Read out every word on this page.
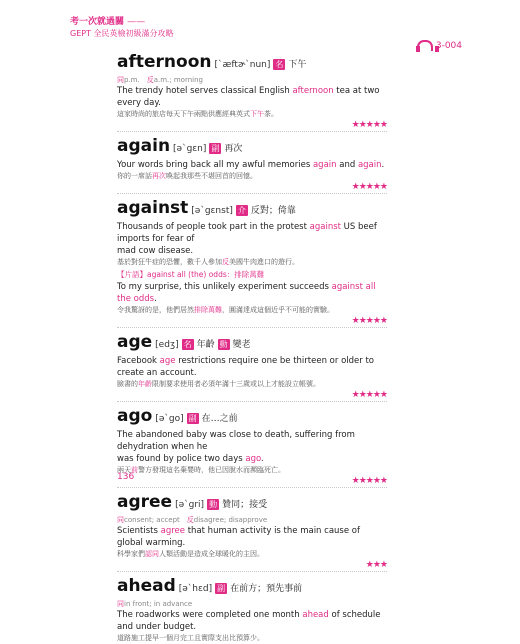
考一次就過關 ——
GEPT 全民英檢初級滿分攻略
3-004
afternoon [ˋæftɚˋnun] 名 下午
同p.m.　 反a.m.; morning
The trendy hotel serves classical English afternoon tea at two every day.
這家時尚的旅店每天下午兩點供應經典英式下午茶。
★★★★★
again [əˋgɛn] 副 再次
Your words bring back all my awful memories again and again.
你的一席話再次喚起我那些不堪回首的回憶。
★★★★★
against [əˋgɛnst] 介 反對；倚靠
Thousands of people took part in the protest against US beef imports for fear of
mad cow disease.
基於對狂牛症的恐懼，數千人參加反美國牛肉進口的遊行。
【片語】against all (the) odds：排除萬難
To my surprise, this unlikely experiment succeeds against all the odds.
令我驚訝的是，他們居然排除萬難，圓滿達成這個近乎不可能的實驗。
★★★★★
age [edʒ] 名 年齡 動 變老
Facebook age restrictions require one be thirteen or older to create an account.
臉書的年齡限制要求使用者必須年滿十三歲或以上才能設立帳號。
★★★★★
ago [əˋgo] 副 在…之前
The abandoned baby was close to death, suffering from dehydration when he
was found by police two days ago.
兩天前警方發現這名棄嬰時，他已因脫水而瀕臨死亡。
★★★★★
agree [əˋgri] 動 贊同；接受
同consent; accept　 反disagree; disapprove
Scientists agree that human activity is the main cause of global warming.
科學家們認同人類活動是造成全球暖化的主因。
★★★
ahead [əˋhɛd] 副 在前方；預先事前
同in front; in advance
The roadworks were completed one month ahead of schedule and under budget.
道路施工提早一個月完工且實際支出比預算少。
136
